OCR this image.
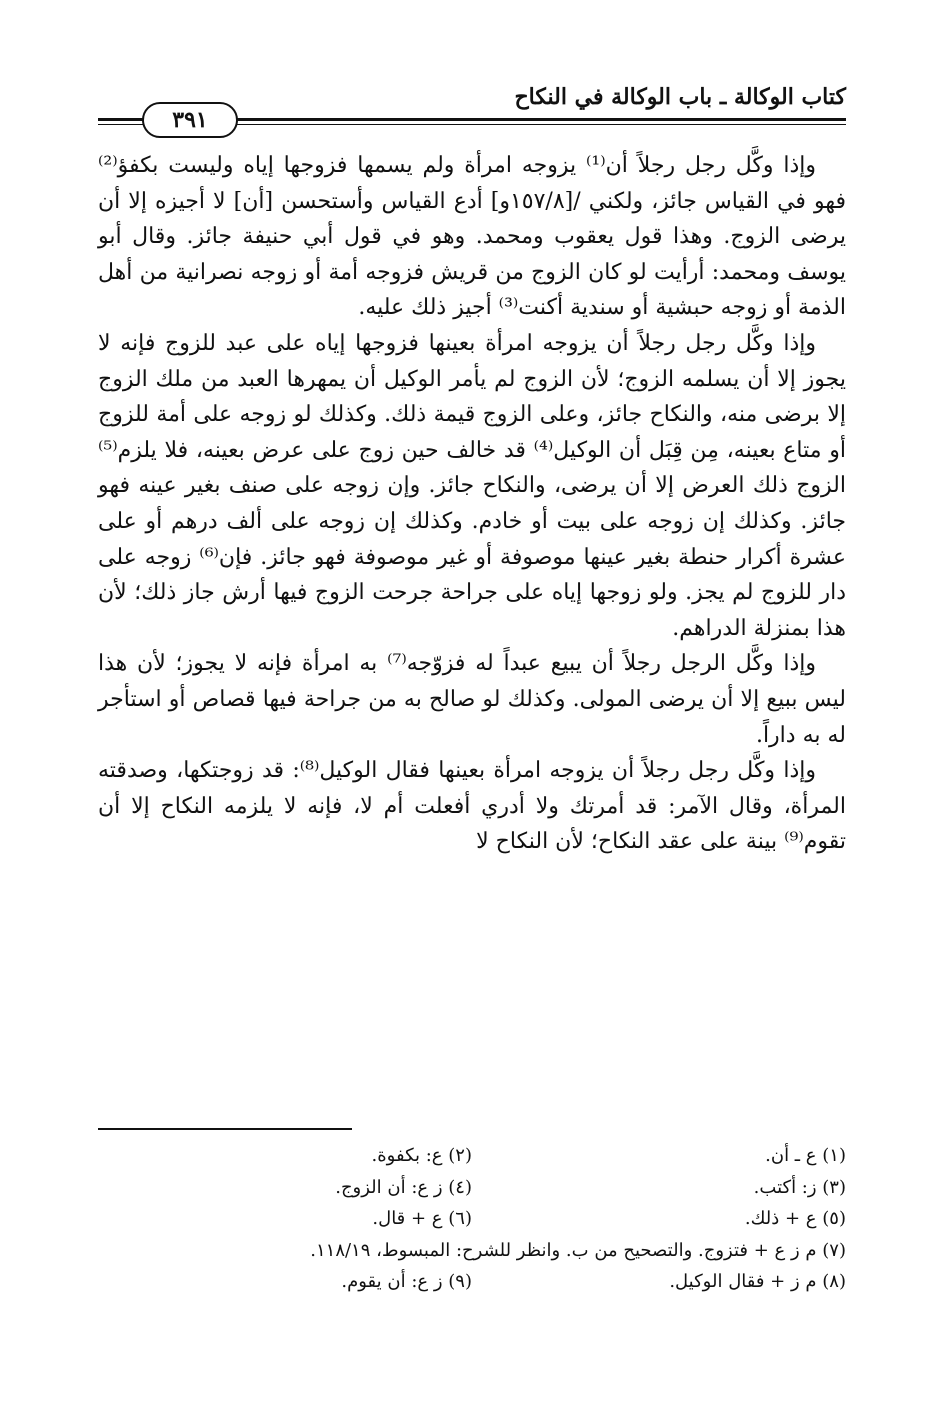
كتاب الوكالة ـ باب الوكالة في النكاح
٣٩١

وإذا وكَّل رجل رجلاً أن⁽¹⁾ يزوجه امرأة ولم يسمها فزوجها إياه وليست بكفؤ⁽²⁾ فهو في القياس جائز، ولكني /[١٥٧/٨و] أدع القياس وأستحسن [أن] لا أجيزه إلا أن يرضى الزوج. وهذا قول يعقوب ومحمد. وهو في قول أبي حنيفة جائز. وقال أبو يوسف ومحمد: أرأيت لو كان الزوج من قريش فزوجه أمة أو زوجه نصرانية من أهل الذمة أو زوجه حبشية أو سندية أكنت⁽³⁾ أجيز ذلك عليه.

وإذا وكَّل رجل رجلاً أن يزوجه امرأة بعينها فزوجها إياه على عبد للزوج فإنه لا يجوز إلا أن يسلمه الزوج؛ لأن الزوج لم يأمر الوكيل أن يمهرها العبد من ملك الزوج إلا برضى منه، والنكاح جائز، وعلى الزوج قيمة ذلك. وكذلك لو زوجه على أمة للزوج أو متاع بعينه، مِن قِبَل أن الوكيل⁽⁴⁾ قد خالف حين زوج على عرض بعينه، فلا يلزم⁽⁵⁾ الزوج ذلك العرض إلا أن يرضى، والنكاح جائز. وإن زوجه على صنف بغير عينه فهو جائز. وكذلك إن زوجه على بيت أو خادم. وكذلك إن زوجه على ألف درهم أو على عشرة أكرار حنطة بغير عينها موصوفة أو غير موصوفة فهو جائز. فإن⁽⁶⁾ زوجه على دار للزوج لم يجز. ولو زوجها إياه على جراحة جرحت الزوج فيها أرش جاز ذلك؛ لأن هذا بمنزلة الدراهم.

وإذا وكَّل الرجل رجلاً أن يبيع عبداً له فزوّجه⁽⁷⁾ به امرأة فإنه لا يجوز؛ لأن هذا ليس ببيع إلا أن يرضى المولى. وكذلك لو صالح به من جراحة فيها قصاص أو استأجر له به داراً.

وإذا وكَّل رجل رجلاً أن يزوجه امرأة بعينها فقال الوكيل⁽⁸⁾: قد زوجتكها، وصدقته المرأة، وقال الآمر: قد أمرتك ولا أدري أفعلت أم لا، فإنه لا يلزمه النكاح إلا أن تقوم⁽⁹⁾ بينة على عقد النكاح؛ لأن النكاح لا

(١) ع ـ أن.
(٢) ع: بكفوة.
(٣) ز: أكتب.
(٤) ز ع: أن الزوج.
(٥) ع + ذلك.
(٦) ع + قال.
(٧) م ز ع + فتزوج. والتصحيح من ب. وانظر للشرح: المبسوط، ١١٨/١٩.
(٨) م ز + فقال الوكيل.
(٩) ز ع: أن يقوم.
